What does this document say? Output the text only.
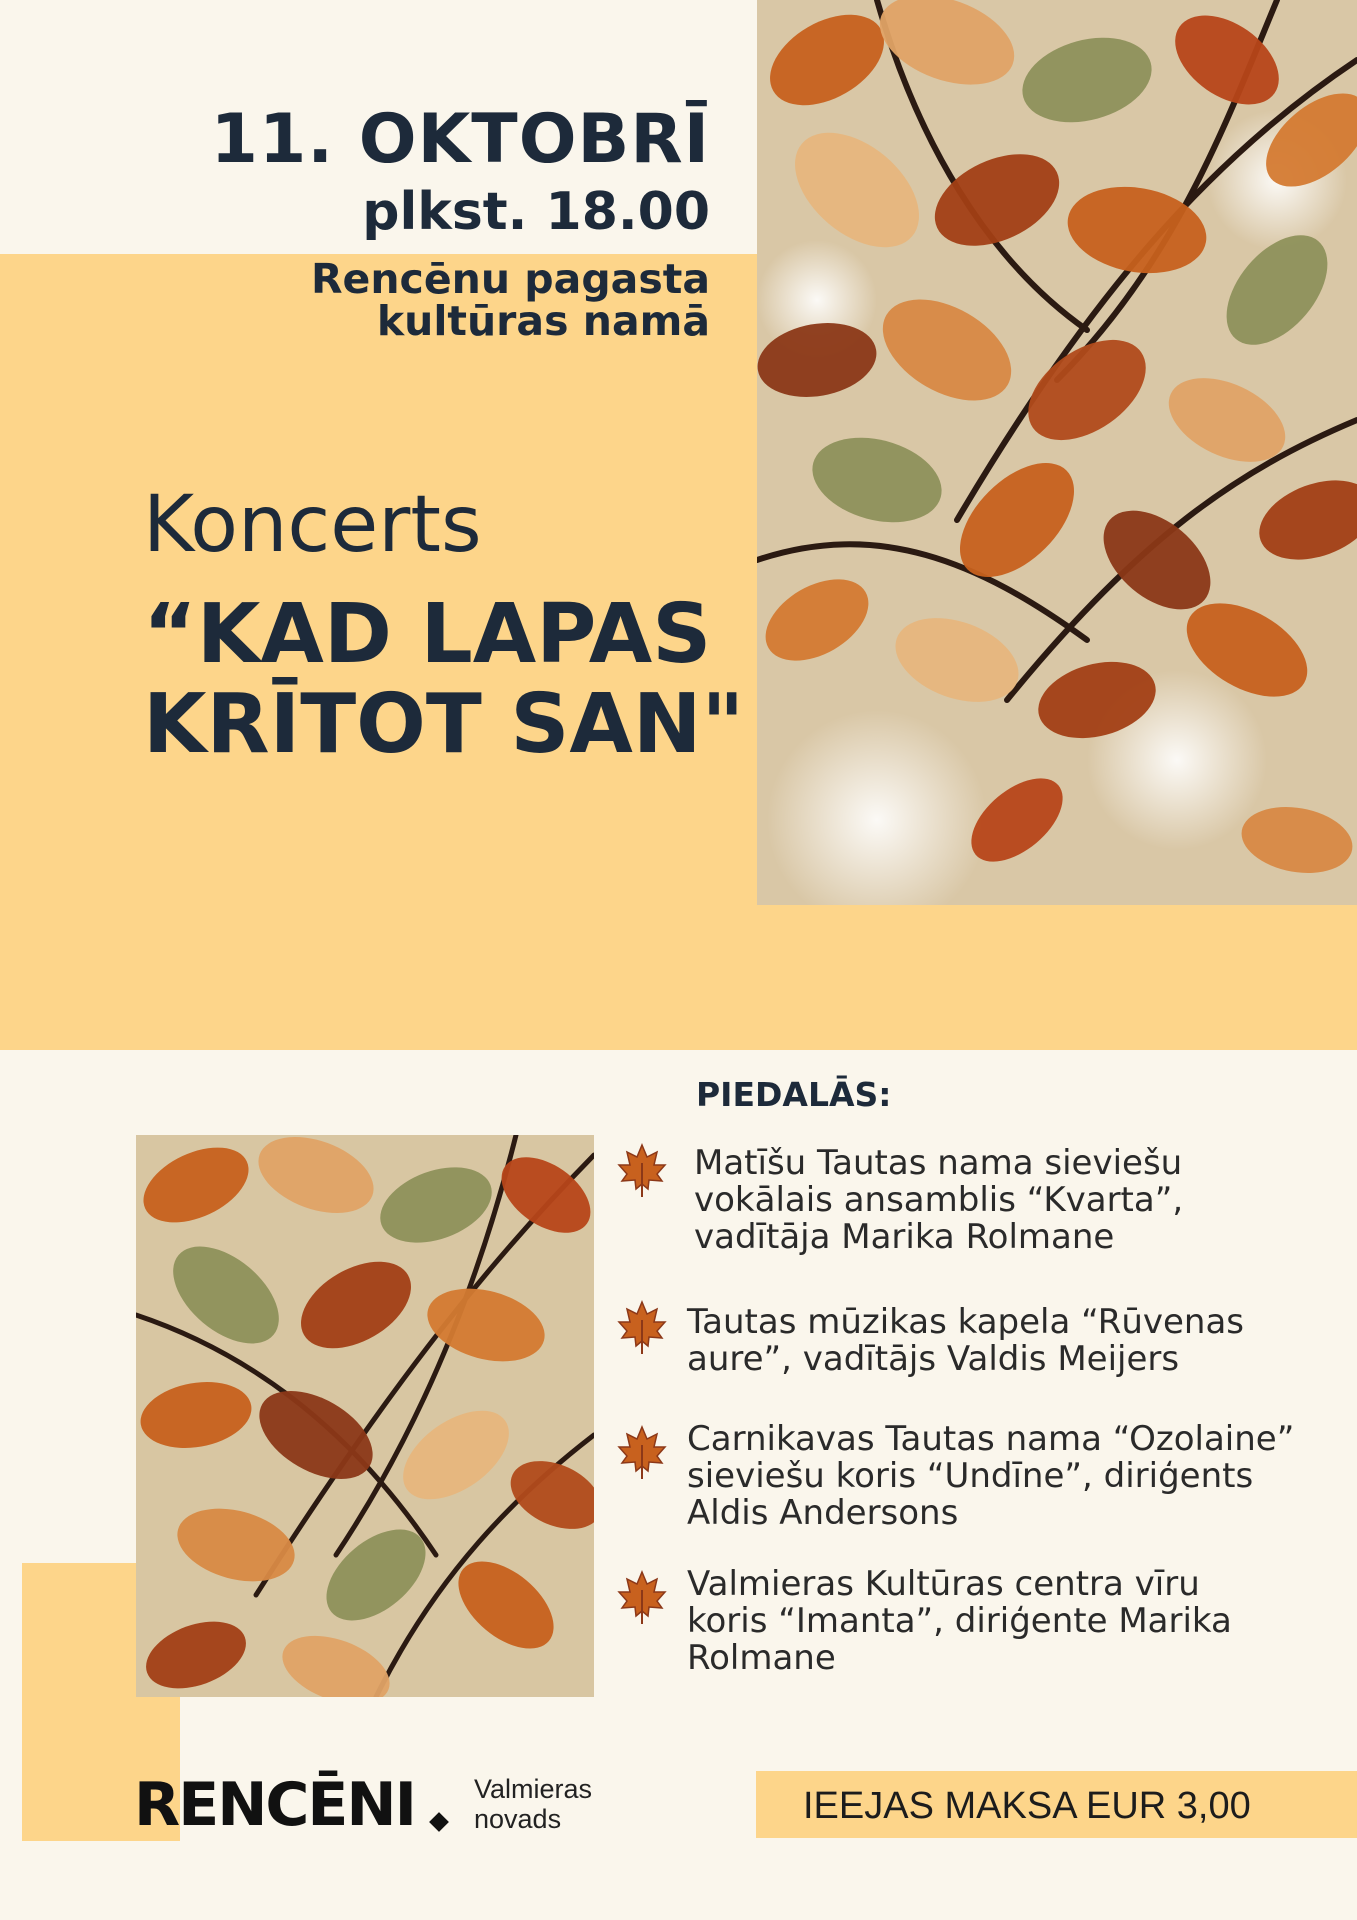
11. OKTOBRĪ
plkst. 18.00
Rencēnu pagasta
kultūras namā
Koncerts
“KAD LAPAS
KRĪTOT SAN"
PIEDALĀS:
Matīšu Tautas nama sieviešu
vokālais ansamblis “Kvarta”,
vadītāja Marika Rolmane
Tautas mūzikas kapela “Rūvenas
aure”, vadītājs Valdis Meijers
Carnikavas Tautas nama “Ozolaine”
sieviešu koris “Undīne”, diriģents
Aldis Andersons
Valmieras Kultūras centra vīru
koris “Imanta”, diriģente Marika
Rolmane
RENCĒNI Valmieras
novads	IEEJAS MAKSA EUR 3,00
